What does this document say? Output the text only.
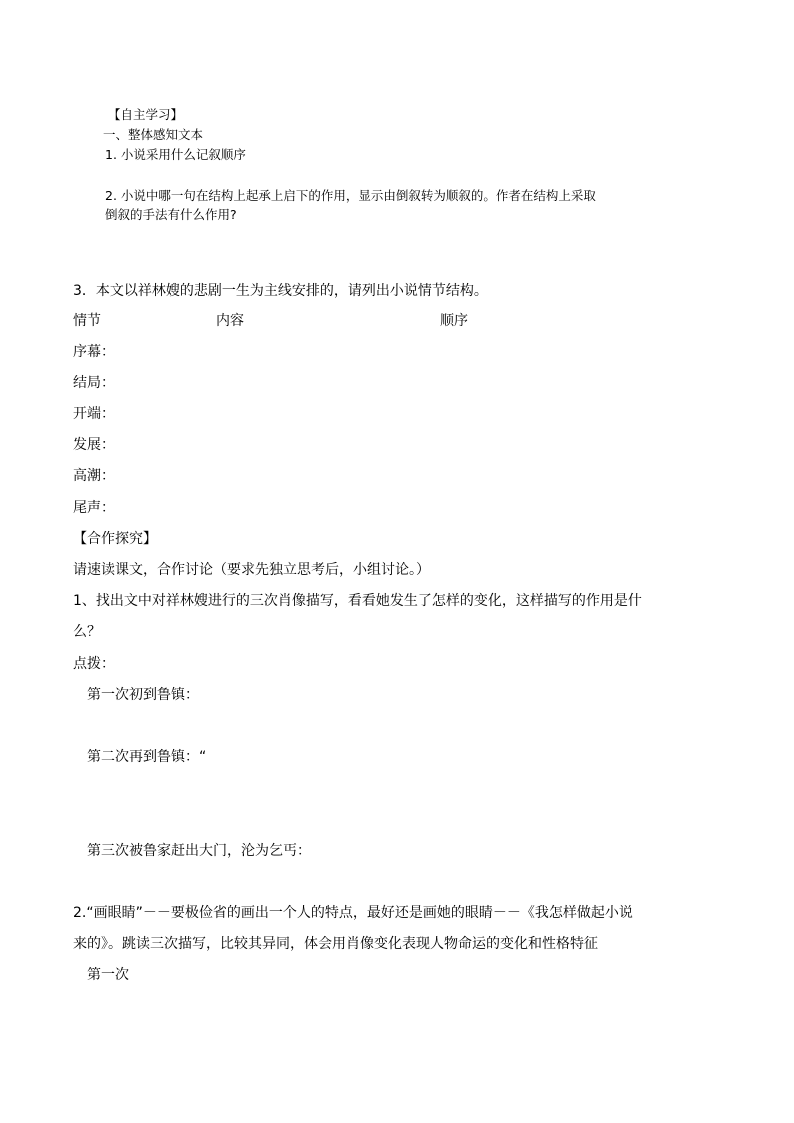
【自主学习】
一、整体感知文本
1. 小说采用什么记叙顺序
2. 小说中哪一句在结构上起承上启下的作用，显示由倒叙转为顺叙的。作者在结构上采取
倒叙的手法有什么作用?
3．本文以祥林嫂的悲剧一生为主线安排的，请列出小说情节结构。
情节	内容	顺序
序幕：
结局：
开端：
发展：
高潮：
尾声：
【合作探究】
请速读课文，合作讨论（要求先独立思考后，小组讨论。）
1、找出文中对祥林嫂进行的三次肖像描写，看看她发生了怎样的变化，这样描写的作用是什
么？
点拨：
第一次初到鲁镇：
第二次再到鲁镇：“
第三次被鲁家赶出大门，沦为乞丐：
2.“画眼睛”－－要极俭省的画出一个人的特点，最好还是画她的眼睛－－《我怎样做起小说
来的》。跳读三次描写，比较其异同，体会用肖像变化表现人物命运的变化和性格特征
第一次
